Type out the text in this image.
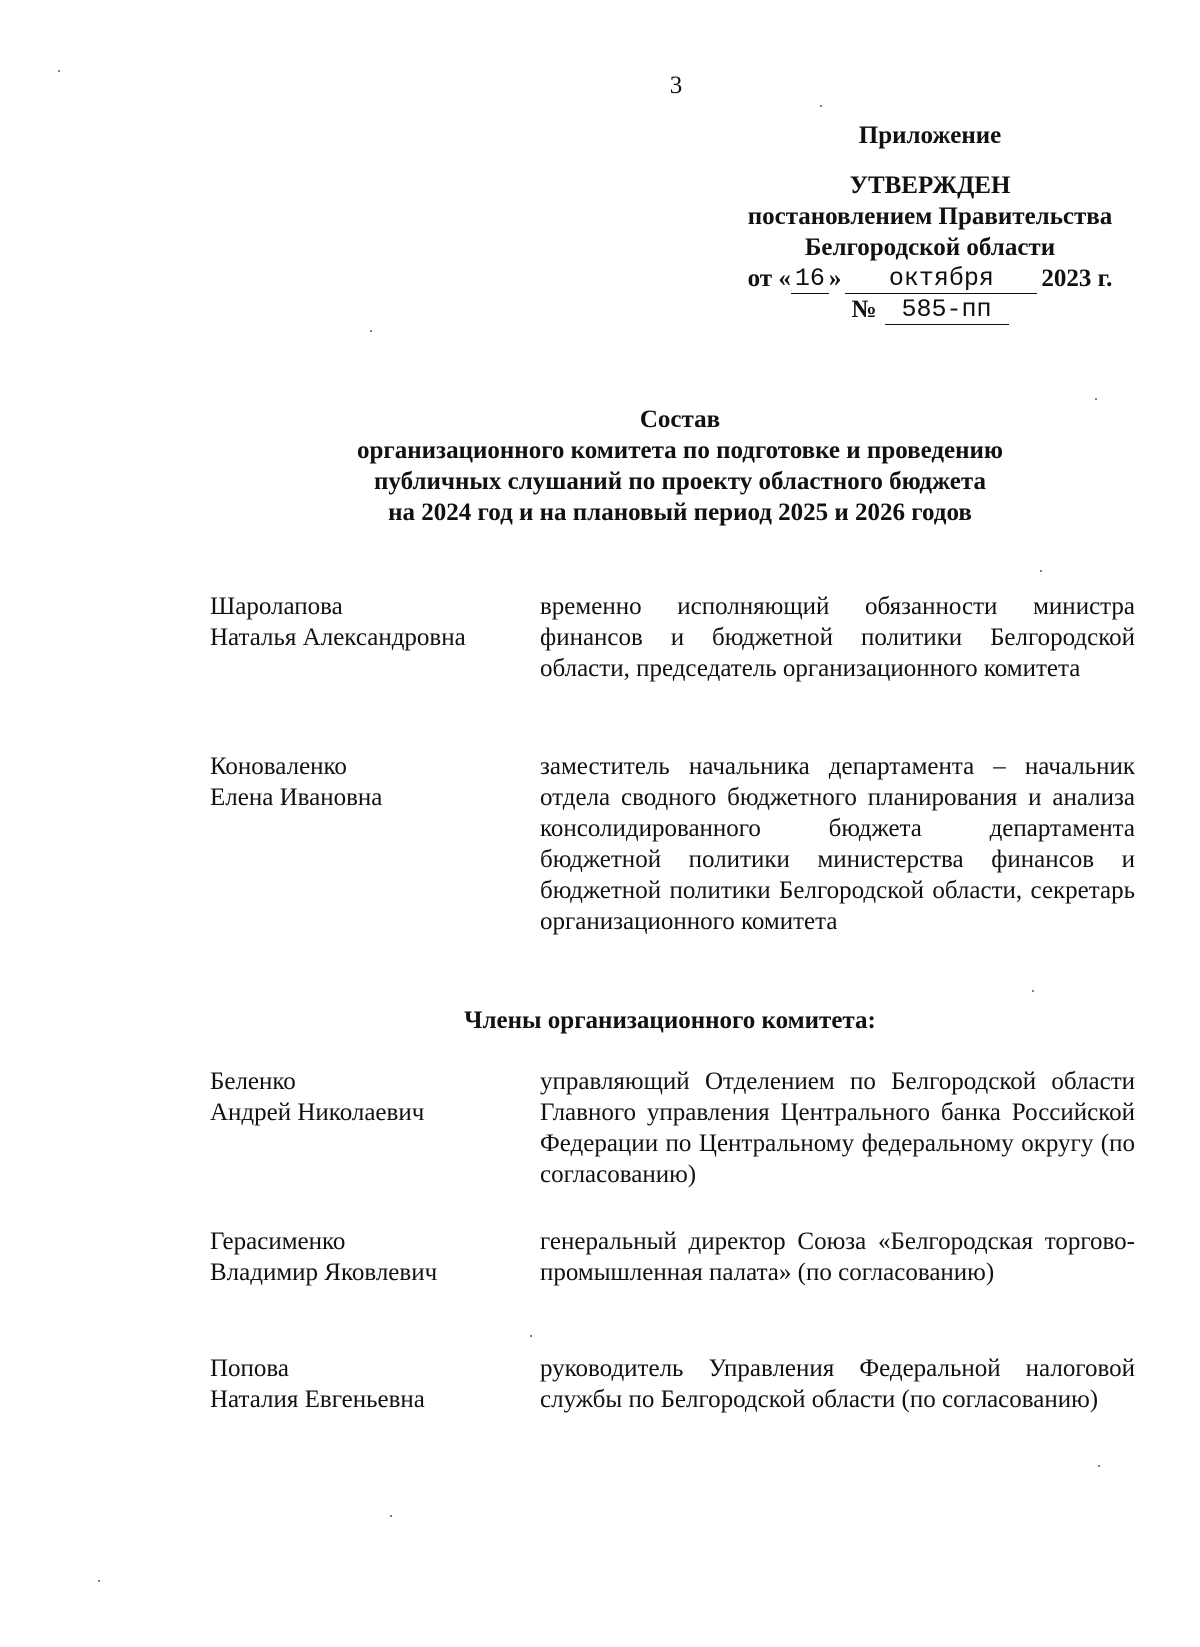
3
Приложение
УТВЕРЖДЕН
постановлением Правительства
Белгородской области
от « 16 »	октября	2023 г.
№ 585-пп
Состав
организационного комитета по подготовке и проведению
публичных слушаний по проекту областного бюджета
на 2024 год и на плановый период 2025 и 2026 годов
Шаролапова
Наталья Александровна
временно исполняющий обязанности министра финансов и бюджетной политики Белгородской области, председатель организационного комитета
Коноваленко
Елена Ивановна
заместитель начальника департамента – начальник отдела сводного бюджетного планирования и анализа консолидированного бюджета департамента бюджетной политики министерства финансов и бюджетной политики Белгородской области, секретарь организационного комитета
Члены организационного комитета:
Беленко
Андрей Николаевич
управляющий Отделением по Белгородской области Главного управления Центрального банка Российской Федерации по Центральному федеральному округу (по согласованию)
Герасименко
Владимир Яковлевич
генеральный директор Союза «Белгородская торгово-промышленная палата» (по согласованию)
Попова
Наталия Евгеньевна
руководитель Управления Федеральной налоговой службы по Белгородской области (по согласованию)
